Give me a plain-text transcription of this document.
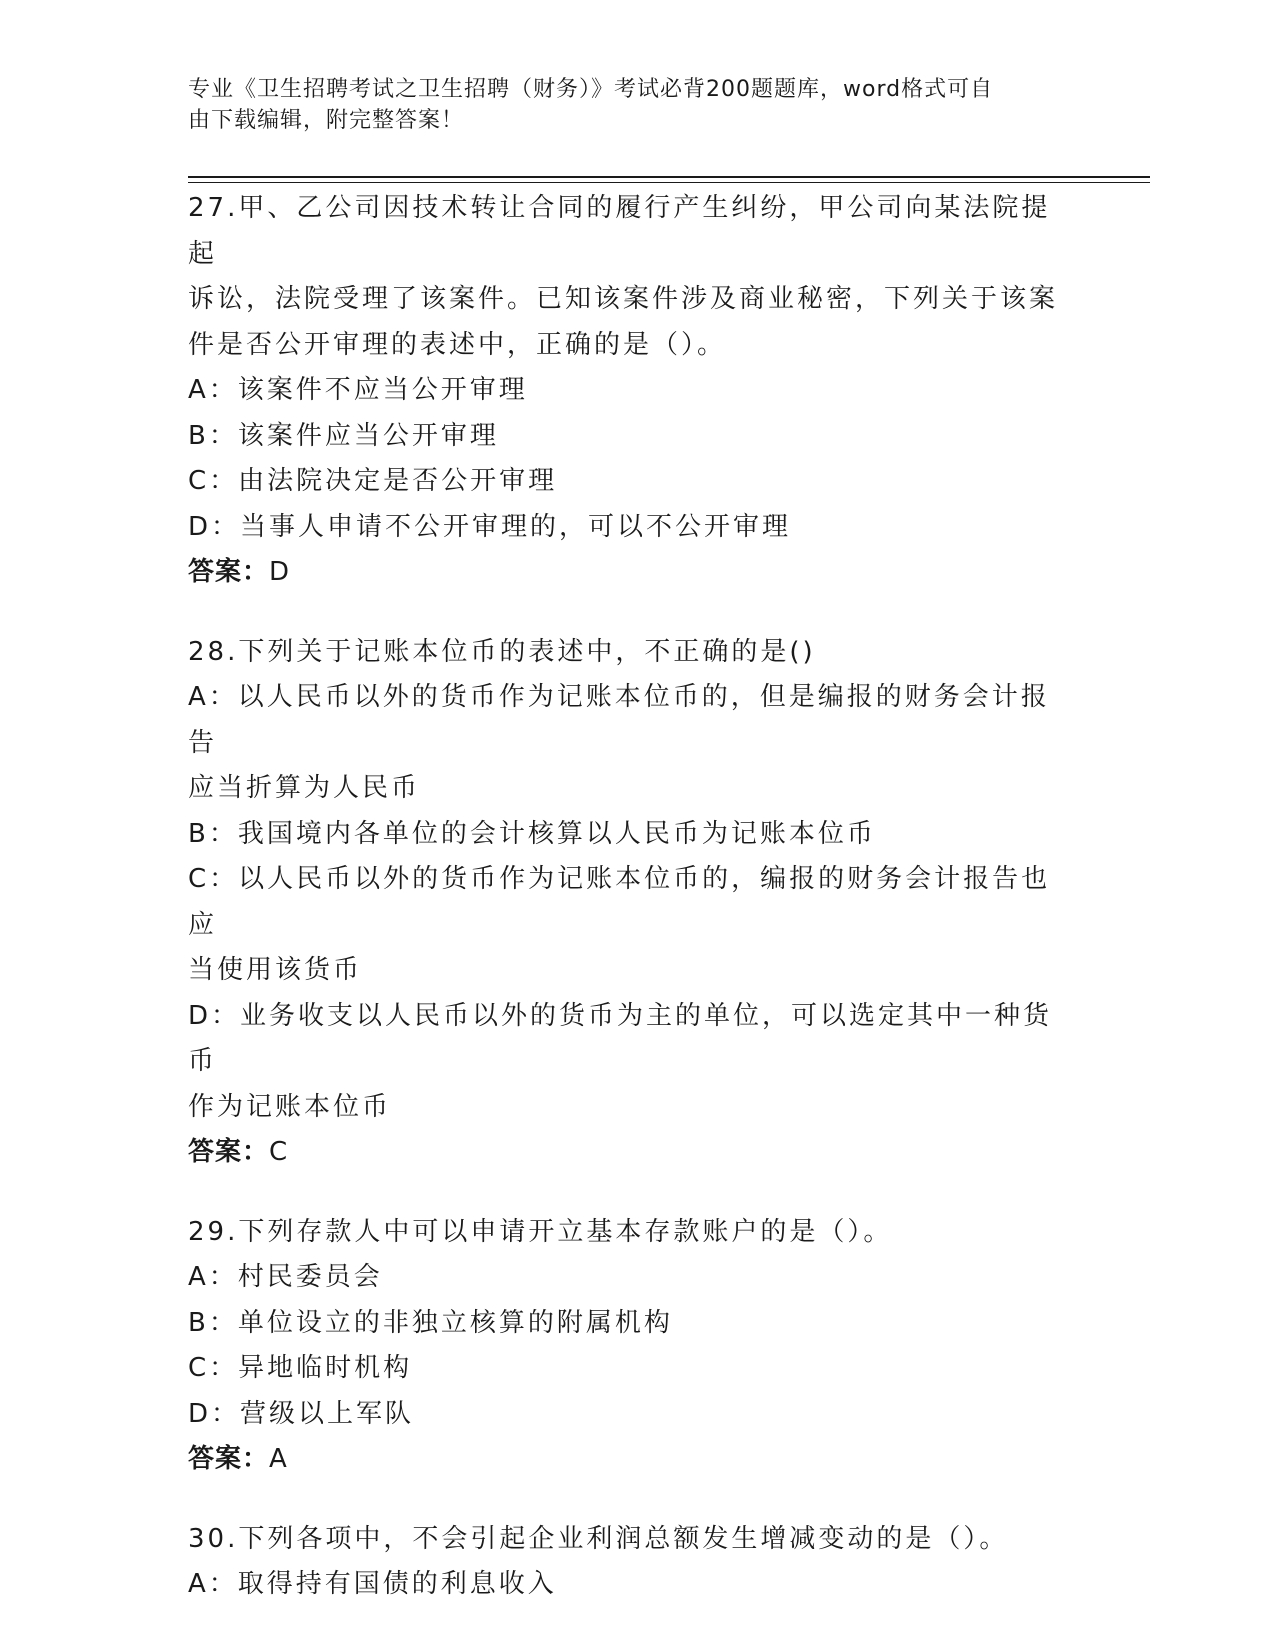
专业《卫生招聘考试之卫生招聘（财务）》考试必背200题题库，word格式可自
由下载编辑，附完整答案！
27.甲、乙公司因技术转让合同的履行产生纠纷，甲公司向某法院提起
诉讼，法院受理了该案件。已知该案件涉及商业秘密，下列关于该案
件是否公开审理的表述中，正确的是（）。
A：该案件不应当公开审理
B：该案件应当公开审理
C：由法院决定是否公开审理
D：当事人申请不公开审理的，可以不公开审理
答案：D
28.下列关于记账本位币的表述中，不正确的是()
A：以人民币以外的货币作为记账本位币的，但是编报的财务会计报告
应当折算为人民币
B：我国境内各单位的会计核算以人民币为记账本位币
C：以人民币以外的货币作为记账本位币的，编报的财务会计报告也应
当使用该货币
D：业务收支以人民币以外的货币为主的单位，可以选定其中一种货币
作为记账本位币
答案：C
29.下列存款人中可以申请开立基本存款账户的是（）。
A：村民委员会
B：单位设立的非独立核算的附属机构
C：异地临时机构
D：营级以上军队
答案：A
30.下列各项中，不会引起企业利润总额发生增减变动的是（）。
A：取得持有国债的利息收入
